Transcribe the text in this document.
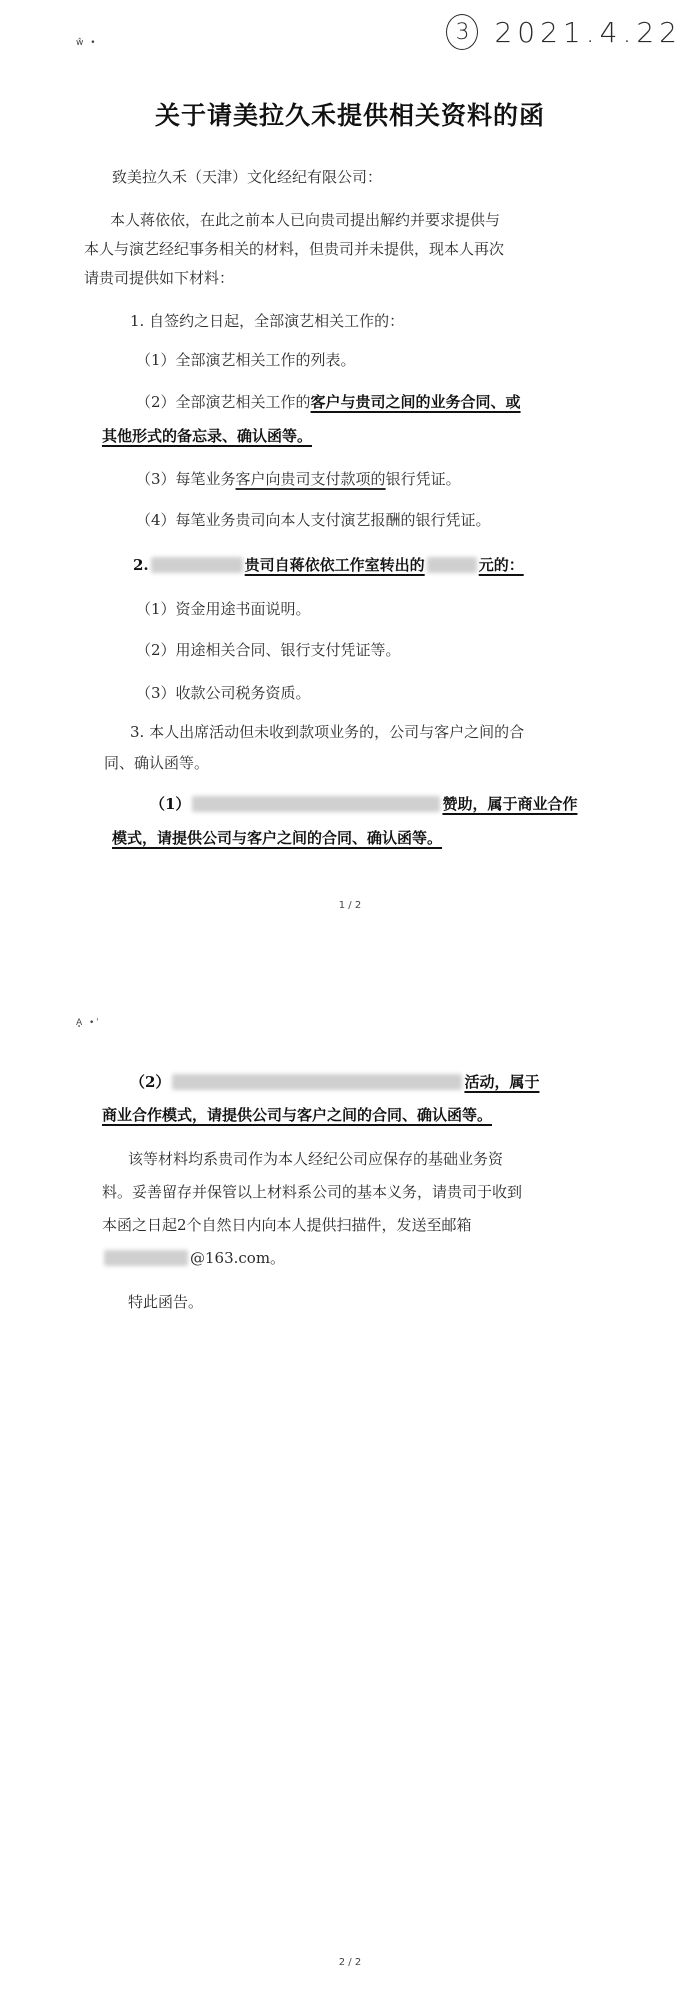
ŵ •	3 2021.4.22
关于请美拉久禾提供相关资料的函
致美拉久禾（天津）文化经纪有限公司：
本人蒋依依，在此之前本人已向贵司提出解约并要求提供与
本人与演艺经纪事务相关的材料，但贵司并未提供，现本人再次
请贵司提供如下材料：
1. 自签约之日起，全部演艺相关工作的：
（1）全部演艺相关工作的列表。
（2）全部演艺相关工作的客户与贵司之间的业务合同、或
其他形式的备忘录、确认函等。
（3）每笔业务客户向贵司支付款项的银行凭证。
（4）每笔业务贵司向本人支付演艺报酬的银行凭证。
2.	贵司自蒋依依工作室转出的	元的：
（1）资金用途书面说明。
（2）用途相关合同、银行支付凭证等。
（3）收款公司税务资质。
3. 本人出席活动但未收到款项业务的，公司与客户之间的合
同、确认函等。
（1）	赞助，属于商业合作
模式，请提供公司与客户之间的合同、确认函等。
1 / 2
Ḁ •ʾ
（2）	活动，属于
商业合作模式，请提供公司与客户之间的合同、确认函等。
该等材料均系贵司作为本人经纪公司应保存的基础业务资
料。妥善留存并保管以上材料系公司的基本义务，请贵司于收到
本函之日起2个自然日内向本人提供扫描件，发送至邮箱
@163.com。
特此函告。
2 / 2
